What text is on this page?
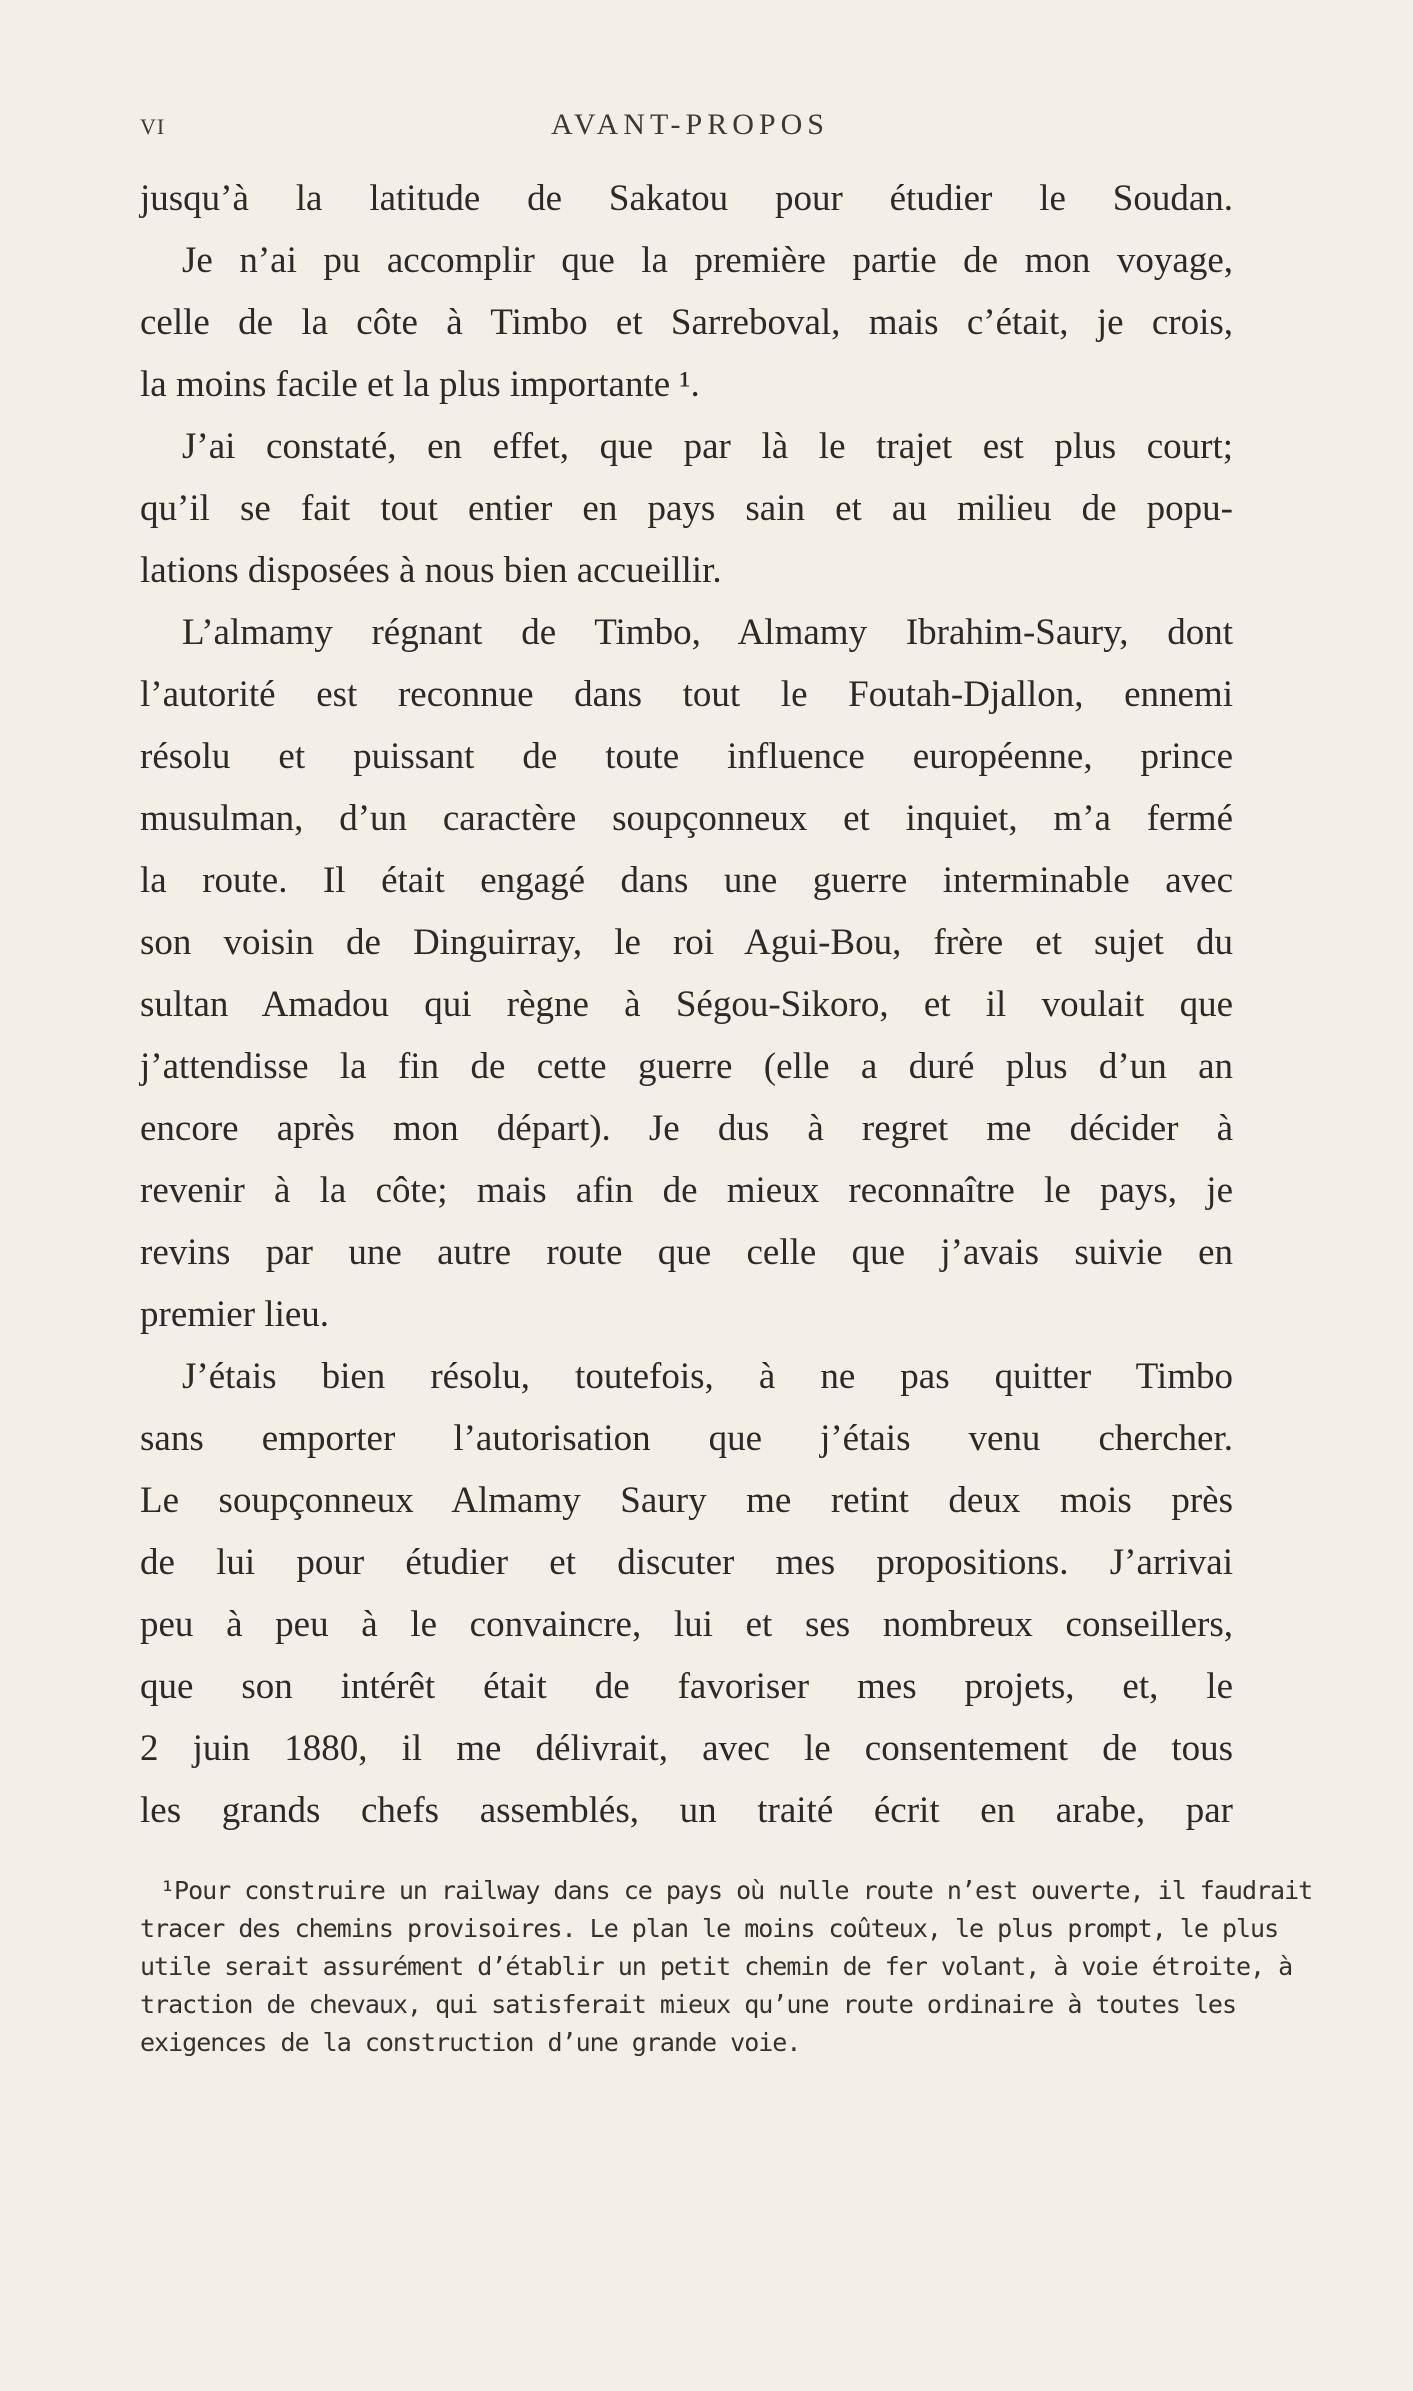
VI	AVANT-PROPOS
jusqu’à la latitude de Sakatou pour étudier le Soudan.
Je n’ai pu accomplir que la première partie de mon voyage,
celle de la côte à Timbo et Sarreboval, mais c’était, je crois,
la moins facile et la plus importante ¹.
J’ai constaté, en effet, que par là le trajet est plus court;
qu’il se fait tout entier en pays sain et au milieu de popu-
lations disposées à nous bien accueillir.
L’almamy régnant de Timbo, Almamy Ibrahim-Saury, dont
l’autorité est reconnue dans tout le Foutah-Djallon, ennemi
résolu et puissant de toute influence européenne, prince
musulman, d’un caractère soupçonneux et inquiet, m’a fermé
la route. Il était engagé dans une guerre interminable avec
son voisin de Dinguirray, le roi Agui-Bou, frère et sujet du
sultan Amadou qui règne à Ségou-Sikoro, et il voulait que
j’attendisse la fin de cette guerre (elle a duré plus d’un an
encore après mon départ). Je dus à regret me décider à
revenir à la côte; mais afin de mieux reconnaître le pays, je
revins par une autre route que celle que j’avais suivie en
premier lieu.
J’étais bien résolu, toutefois, à ne pas quitter Timbo
sans emporter l’autorisation que j’étais venu chercher.
Le soupçonneux Almamy Saury me retint deux mois près
de lui pour étudier et discuter mes propositions. J’arrivai
peu à peu à le convaincre, lui et ses nombreux conseillers,
que son intérêt était de favoriser mes projets, et, le
2 juin 1880, il me délivrait, avec le consentement de tous
les grands chefs assemblés, un traité écrit en arabe, par
¹Pour construire un railway dans ce pays où nulle route n’est ouverte, il faudrait
tracer des chemins provisoires. Le plan le moins coûteux, le plus prompt, le plus
utile serait assurément d’établir un petit chemin de fer volant, à voie étroite, à
traction de chevaux, qui satisferait mieux qu’une route ordinaire à toutes les
exigences de la construction d’une grande voie.
